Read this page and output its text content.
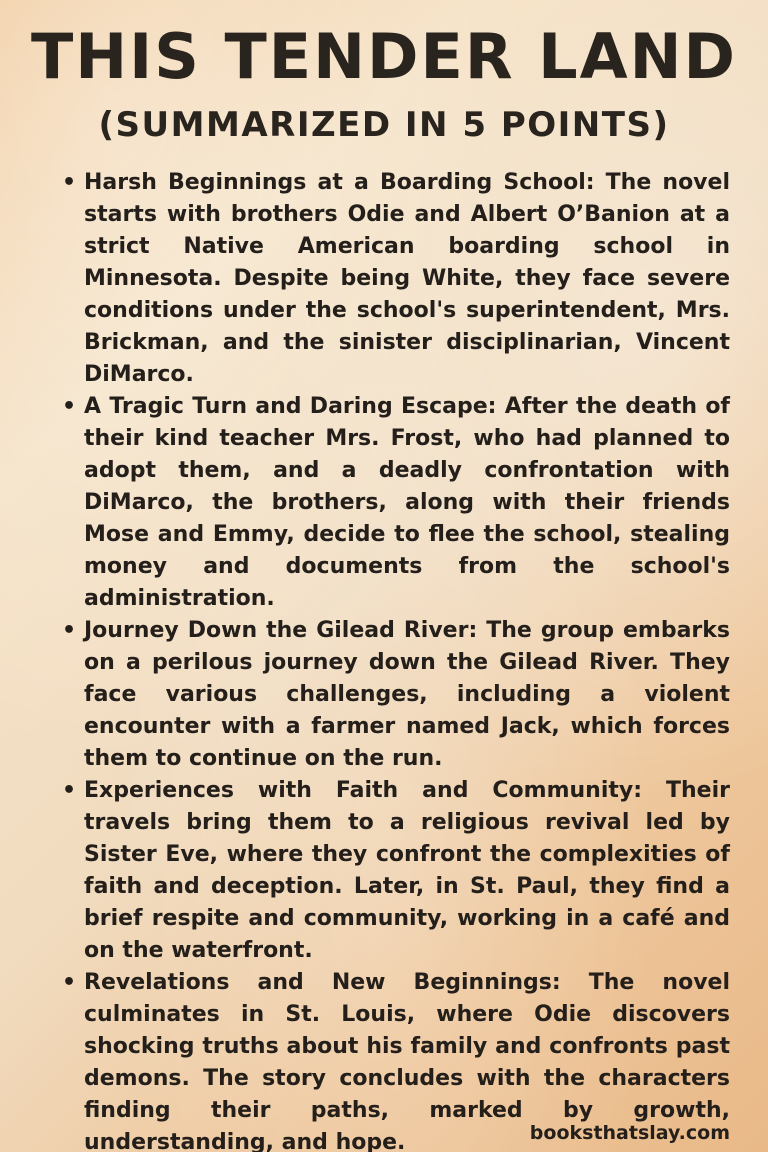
THIS TENDER LAND
(SUMMARIZED IN 5 POINTS)
• Harsh Beginnings at a Boarding School: The novel starts with brothers Odie and Albert O’Banion at a strict Native American boarding school in Minnesota. Despite being White, they face severe conditions under the school's superintendent, Mrs. Brickman, and the sinister disciplinarian, Vincent DiMarco.
• A Tragic Turn and Daring Escape: After the death of their kind teacher Mrs. Frost, who had planned to adopt them, and a deadly confrontation with DiMarco, the brothers, along with their friends Mose and Emmy, decide to flee the school, stealing money and documents from the school's administration.
• Journey Down the Gilead River: The group embarks on a perilous journey down the Gilead River. They face various challenges, including a violent encounter with a farmer named Jack, which forces them to continue on the run.
• Experiences with Faith and Community: Their travels bring them to a religious revival led by Sister Eve, where they confront the complexities of faith and deception. Later, in St. Paul, they find a brief respite and community, working in a café and on the waterfront.
• Revelations and New Beginnings: The novel culminates in St. Louis, where Odie discovers shocking truths about his family and confronts past demons. The story concludes with the characters finding their paths, marked by growth, understanding, and hope.	booksthatslay.com
